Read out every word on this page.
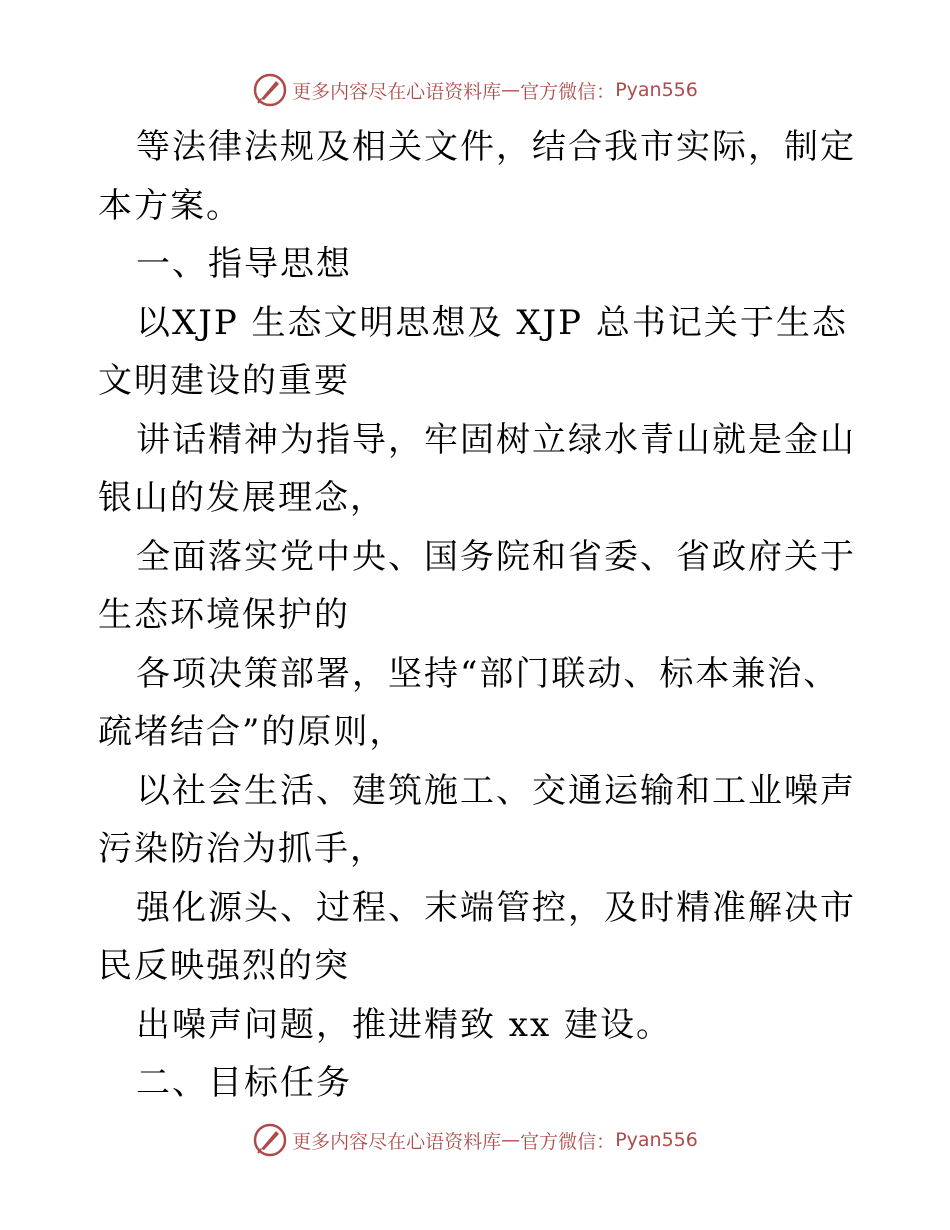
更多内容尽在心语资料库 — 官方微信： Pyan556

等法律法规及相关文件，结合我市实际，制定本方案。

一、指导思想

以XJP 生态文明思想及 XJP 总书记关于生态文明建设的重要

讲话精神为指导，牢固树立绿水青山就是金山银山的发展理念，

全面落实党中央、国务院和省委、省政府关于生态环境保护的

各项决策部署，坚持“部门联动、标本兼治、疏堵结合”的原则，

以社会生活、建筑施工、交通运输和工业噪声污染防治为抓手，

强化源头、过程、末端管控，及时精准解决市民反映强烈的突

出噪声问题，推进精致 xx 建设。

二、目标任务

更多内容尽在心语资料库 — 官方微信： Pyan556
